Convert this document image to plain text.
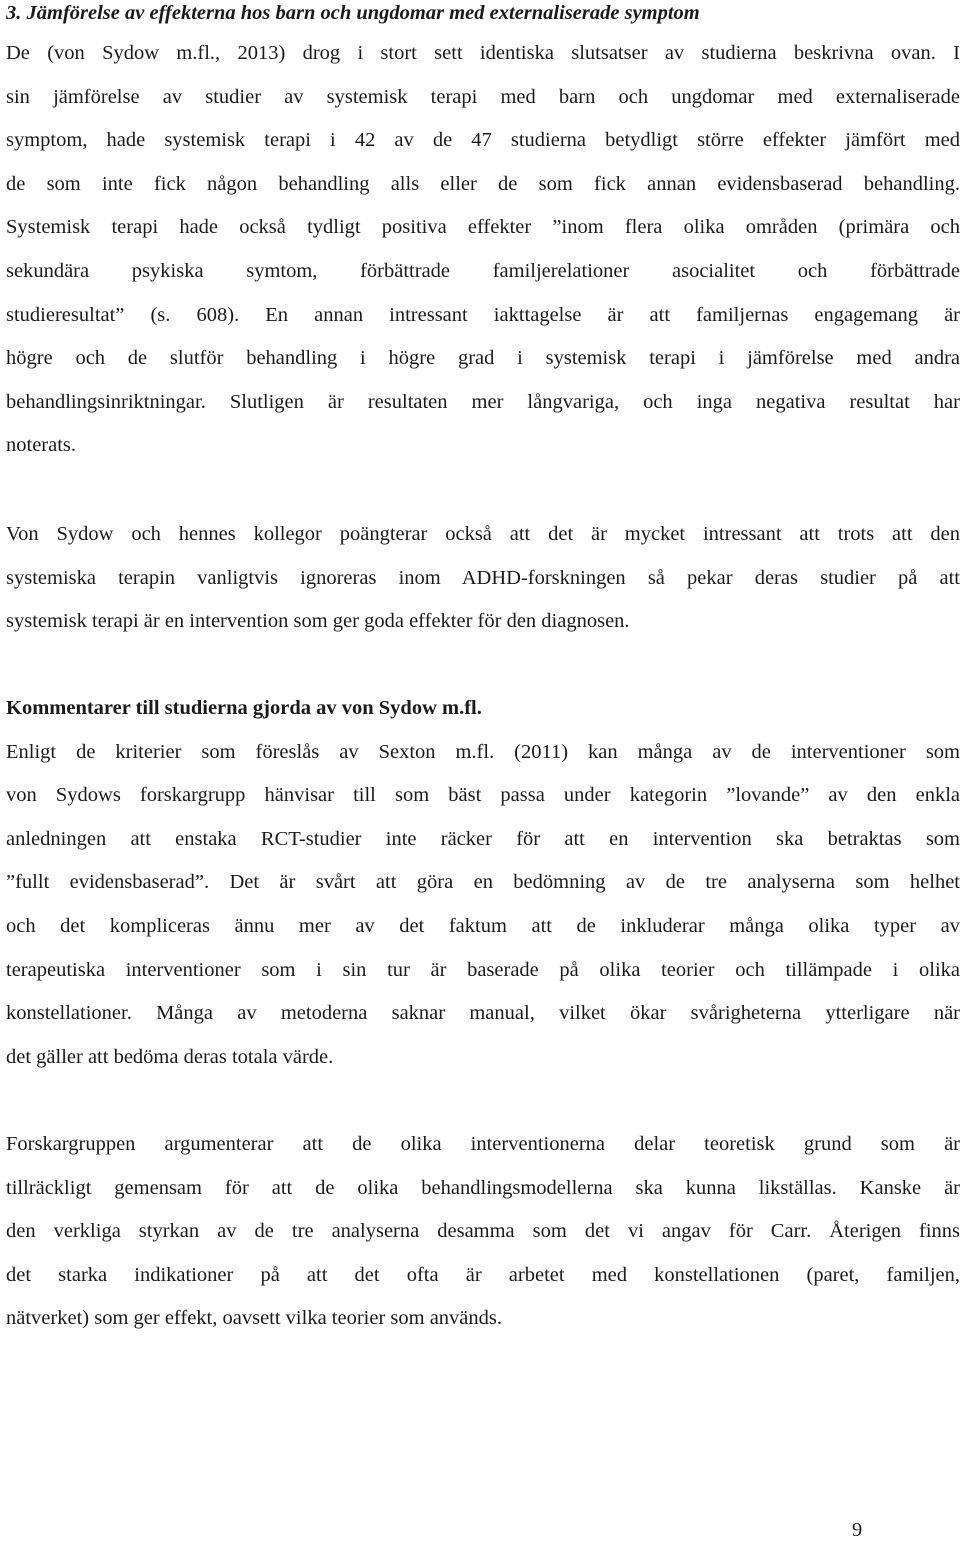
3. Jämförelse av effekterna hos barn och ungdomar med externaliserade symptom

De (von Sydow m.fl., 2013) drog i stort sett identiska slutsatser av studierna beskrivna ovan. I
sin jämförelse av studier av systemisk terapi med barn och ungdomar med externaliserade
symptom, hade systemisk terapi i 42 av de 47 studierna betydligt större effekter jämfört med
de som inte fick någon behandling alls eller de som fick annan evidensbaserad behandling.
Systemisk terapi hade också tydligt positiva effekter ”inom flera olika områden (primära och
sekundära psykiska symtom, förbättrade familjerelationer asocialitet och förbättrade
studieresultat” (s. 608). En annan intressant iakttagelse är att familjernas engagemang är
högre och de slutför behandling i högre grad i systemisk terapi i jämförelse med andra
behandlingsinriktningar. Slutligen är resultaten mer långvariga, och inga negativa resultat har
noterats.

Von Sydow och hennes kollegor poängterar också att det är mycket intressant att trots att den
systemiska terapin vanligtvis ignoreras inom ADHD-forskningen så pekar deras studier på att
systemisk terapi är en intervention som ger goda effekter för den diagnosen.

Kommentarer till studierna gjorda av von Sydow m.fl.

Enligt de kriterier som föreslås av Sexton m.fl. (2011) kan många av de interventioner som
von Sydows forskargrupp hänvisar till som bäst passa under kategorin ”lovande” av den enkla
anledningen att enstaka RCT-studier inte räcker för att en intervention ska betraktas som
”fullt evidensbaserad”. Det är svårt att göra en bedömning av de tre analyserna som helhet
och det kompliceras ännu mer av det faktum att de inkluderar många olika typer av
terapeutiska interventioner som i sin tur är baserade på olika teorier och tillämpade i olika
konstellationer. Många av metoderna saknar manual, vilket ökar svårigheterna ytterligare när
det gäller att bedöma deras totala värde.

Forskargruppen argumenterar att de olika interventionerna delar teoretisk grund som är
tillräckligt gemensam för att de olika behandlingsmodellerna ska kunna likställas. Kanske är
den verkliga styrkan av de tre analyserna desamma som det vi angav för Carr. Återigen finns
det starka indikationer på att det ofta är arbetet med konstellationen (paret, familjen,
nätverket) som ger effekt, oavsett vilka teorier som används.

9
